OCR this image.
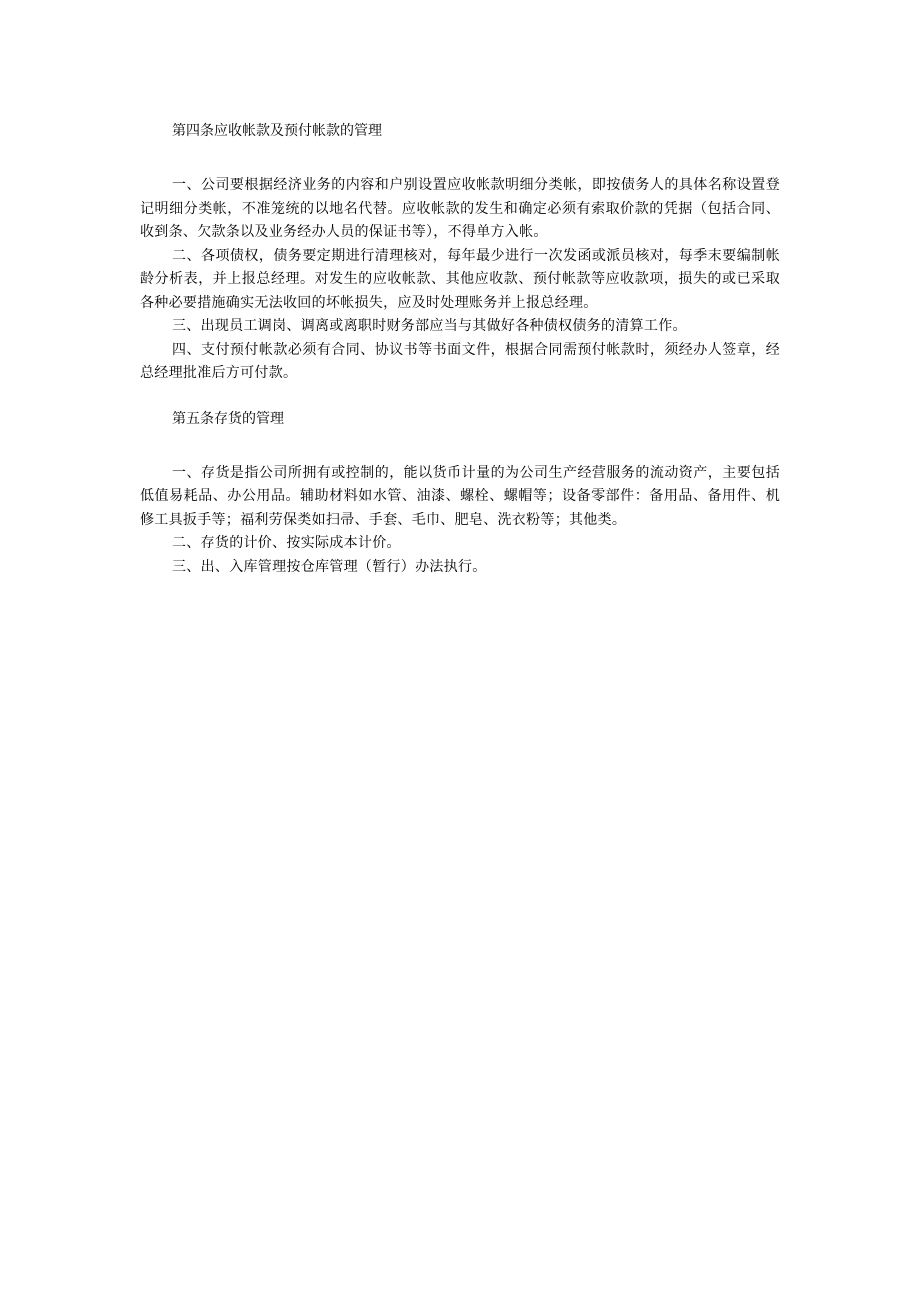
第四条应收帐款及预付帐款的管理

一、公司要根据经济业务的内容和户别设置应收帐款明细分类帐，即按债务人的具体名称设置登记明细分类帐，不准笼统的以地名代替。应收帐款的发生和确定必须有索取价款的凭据（包括合同、收到条、欠款条以及业务经办人员的保证书等），不得单方入帐。

二、各项债权，债务要定期进行清理核对，每年最少进行一次发函或派员核对，每季末要编制帐龄分析表，并上报总经理。对发生的应收帐款、其他应收款、预付帐款等应收款项，损失的或已采取各种必要措施确实无法收回的坏帐损失，应及时处理账务并上报总经理。

三、出现员工调岗、调离或离职时财务部应当与其做好各种债权债务的清算工作。

四、支付预付帐款必须有合同、协议书等书面文件，根据合同需预付帐款时，须经办人签章，经总经理批准后方可付款。

第五条存货的管理

一、存货是指公司所拥有或控制的，能以货币计量的为公司生产经营服务的流动资产，主要包括低值易耗品、办公用品。辅助材料如水管、油漆、螺栓、螺帽等；设备零部件：备用品、备用件、机修工具扳手等；福利劳保类如扫帚、手套、毛巾、肥皂、洗衣粉等；其他类。

二、存货的计价、按实际成本计价。

三、出、入库管理按仓库管理（暂行）办法执行。
